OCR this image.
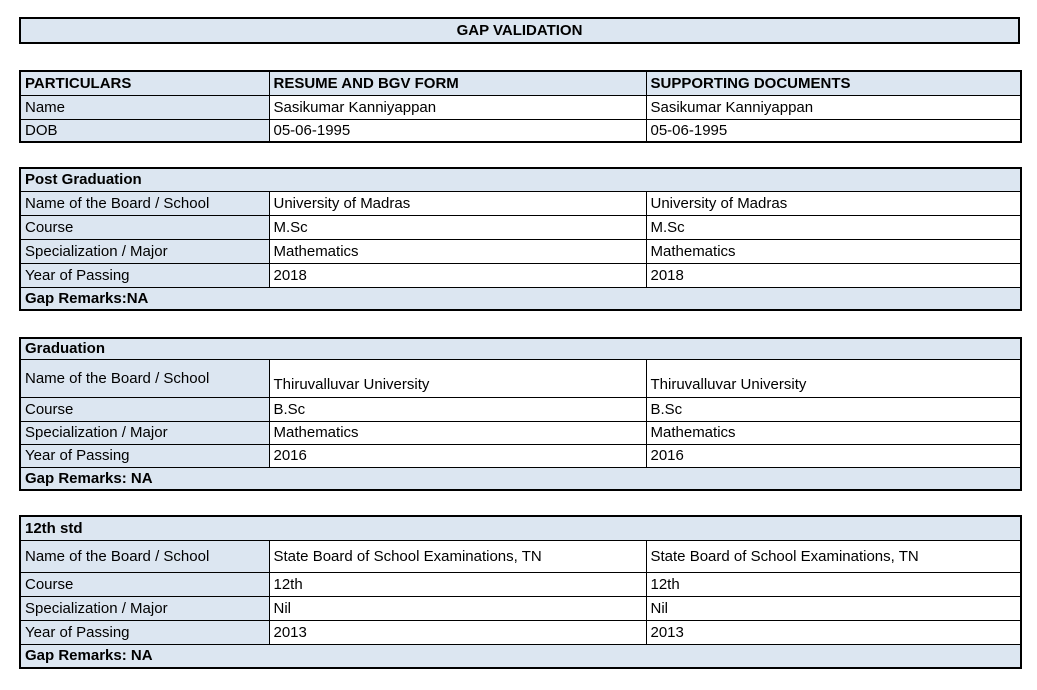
GAP VALIDATION
PARTICULARS	RESUME AND BGV FORM	SUPPORTING DOCUMENTS
Name	Sasikumar Kanniyappan	Sasikumar Kanniyappan
DOB	05-06-1995	05-06-1995
Post Graduation		
Name of the Board / School	University of Madras	University of Madras
Course	M.Sc	M.Sc
Specialization / Major	Mathematics	Mathematics
Year of Passing	2018	2018
Gap Remarks:NA		
Graduation		
Name of the Board / School	Thiruvalluvar University	Thiruvalluvar University
Course	B.Sc	B.Sc
Specialization / Major	Mathematics	Mathematics
Year of Passing	2016	2016
Gap Remarks: NA		
12th std		
Name of the Board / School	State Board of School Examinations, TN	State Board of School Examinations, TN
Course	12th	12th
Specialization / Major	Nil	Nil
Year of Passing	2013	2013
Gap Remarks: NA		
